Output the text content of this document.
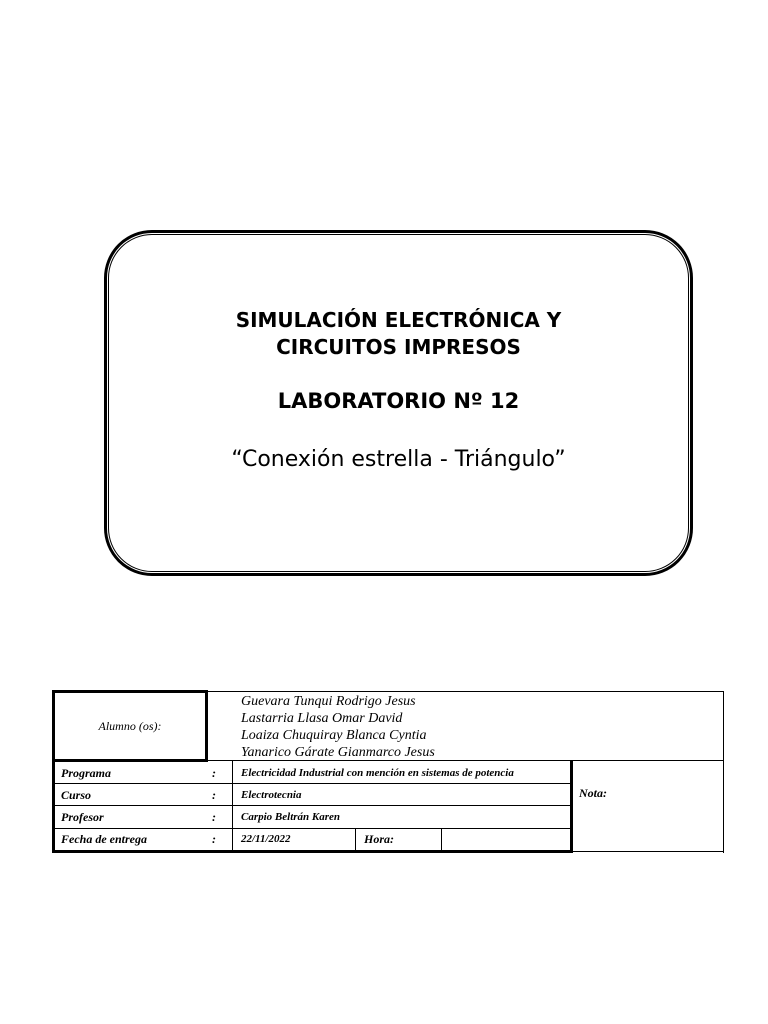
SIMULACIÓN ELECTRÓNICA Y
CIRCUITOS IMPRESOS
LABORATORIO Nº 12
“Conexión estrella - Triángulo”
Alumno (os):
Guevara Tunqui Rodrigo Jesus
Lastarria Llasa Omar David
Loaiza Chuquiray Blanca Cyntia
Yanarico Gárate Gianmarco Jesus
Programa	: Electricidad Industrial con mención en sistemas de potencia
Curso	: Electrotecnia
Profesor	: Carpio Beltrán Karen
Fecha de entrega	: 22/11/2022	Hora:
Nota:
